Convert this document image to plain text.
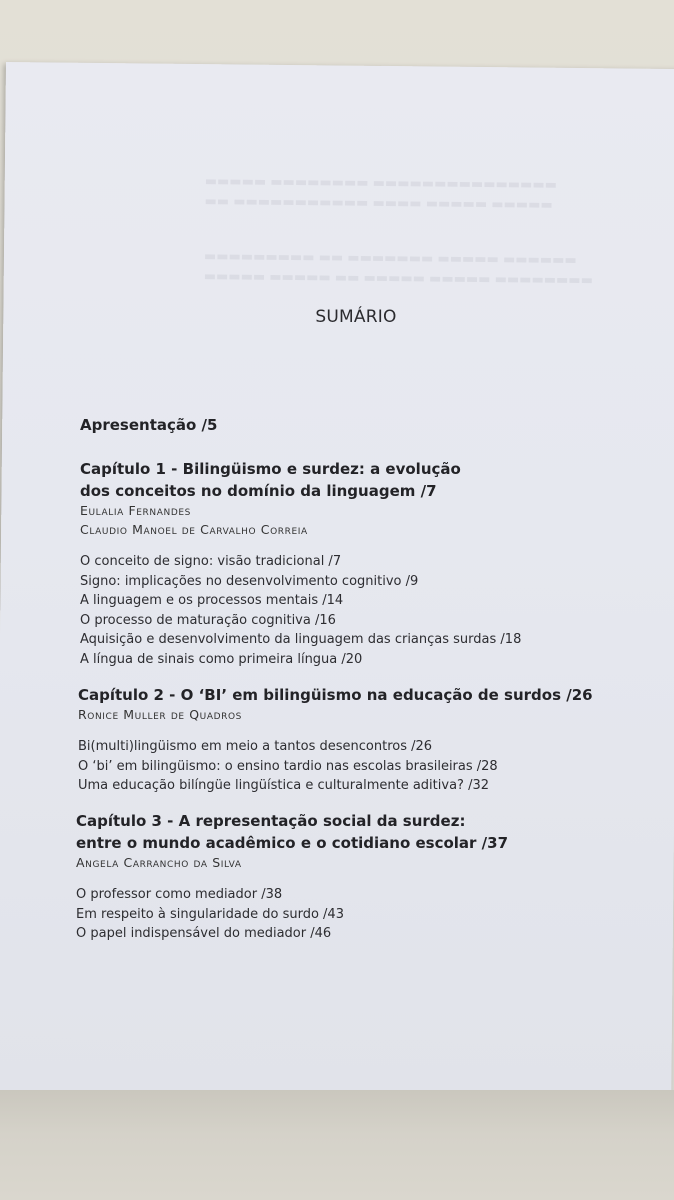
▬▬▬▬▬ ▬▬▬▬▬▬▬▬ ▬▬▬▬▬▬▬▬▬▬▬▬▬▬▬
▬▬ ▬▬▬▬▬▬▬▬▬▬▬ ▬▬▬▬ ▬▬▬▬▬ ▬▬▬▬▬
▬▬▬▬▬▬▬▬▬ ▬▬ ▬▬▬▬▬▬▬ ▬▬▬▬▬ ▬▬▬▬▬▬
▬▬▬▬▬ ▬▬▬▬▬ ▬▬ ▬▬▬▬▬ ▬▬▬▬▬ ▬▬▬▬▬▬▬▬
SUMÁRIO
Apresentação /5
Capítulo 1 - Bilingüismo e surdez: a evolução
dos conceitos no domínio da linguagem /7
Eulalia Fernandes
Claudio Manoel de Carvalho Correia
O conceito de signo: visão tradicional /7
Signo: implicações no desenvolvimento cognitivo /9
A linguagem e os processos mentais /14
O processo de maturação cognitiva /16
Aquisição e desenvolvimento da linguagem das crianças surdas /18
A língua de sinais como primeira língua /20
Capítulo 2 - O ‘BI’ em bilingüismo na educação de surdos /26
Ronice Muller de Quadros
Bi(multi)lingüismo em meio a tantos desencontros /26
O ‘bi’ em bilingüismo: o ensino tardio nas escolas brasileiras /28
Uma educação bilíngüe lingüística e culturalmente aditiva? /32
Capítulo 3 - A representação social da surdez:
entre o mundo acadêmico e o cotidiano escolar /37
Angela Carrancho da Silva
O professor como mediador /38
Em respeito à singularidade do surdo /43
O papel indispensável do mediador /46
